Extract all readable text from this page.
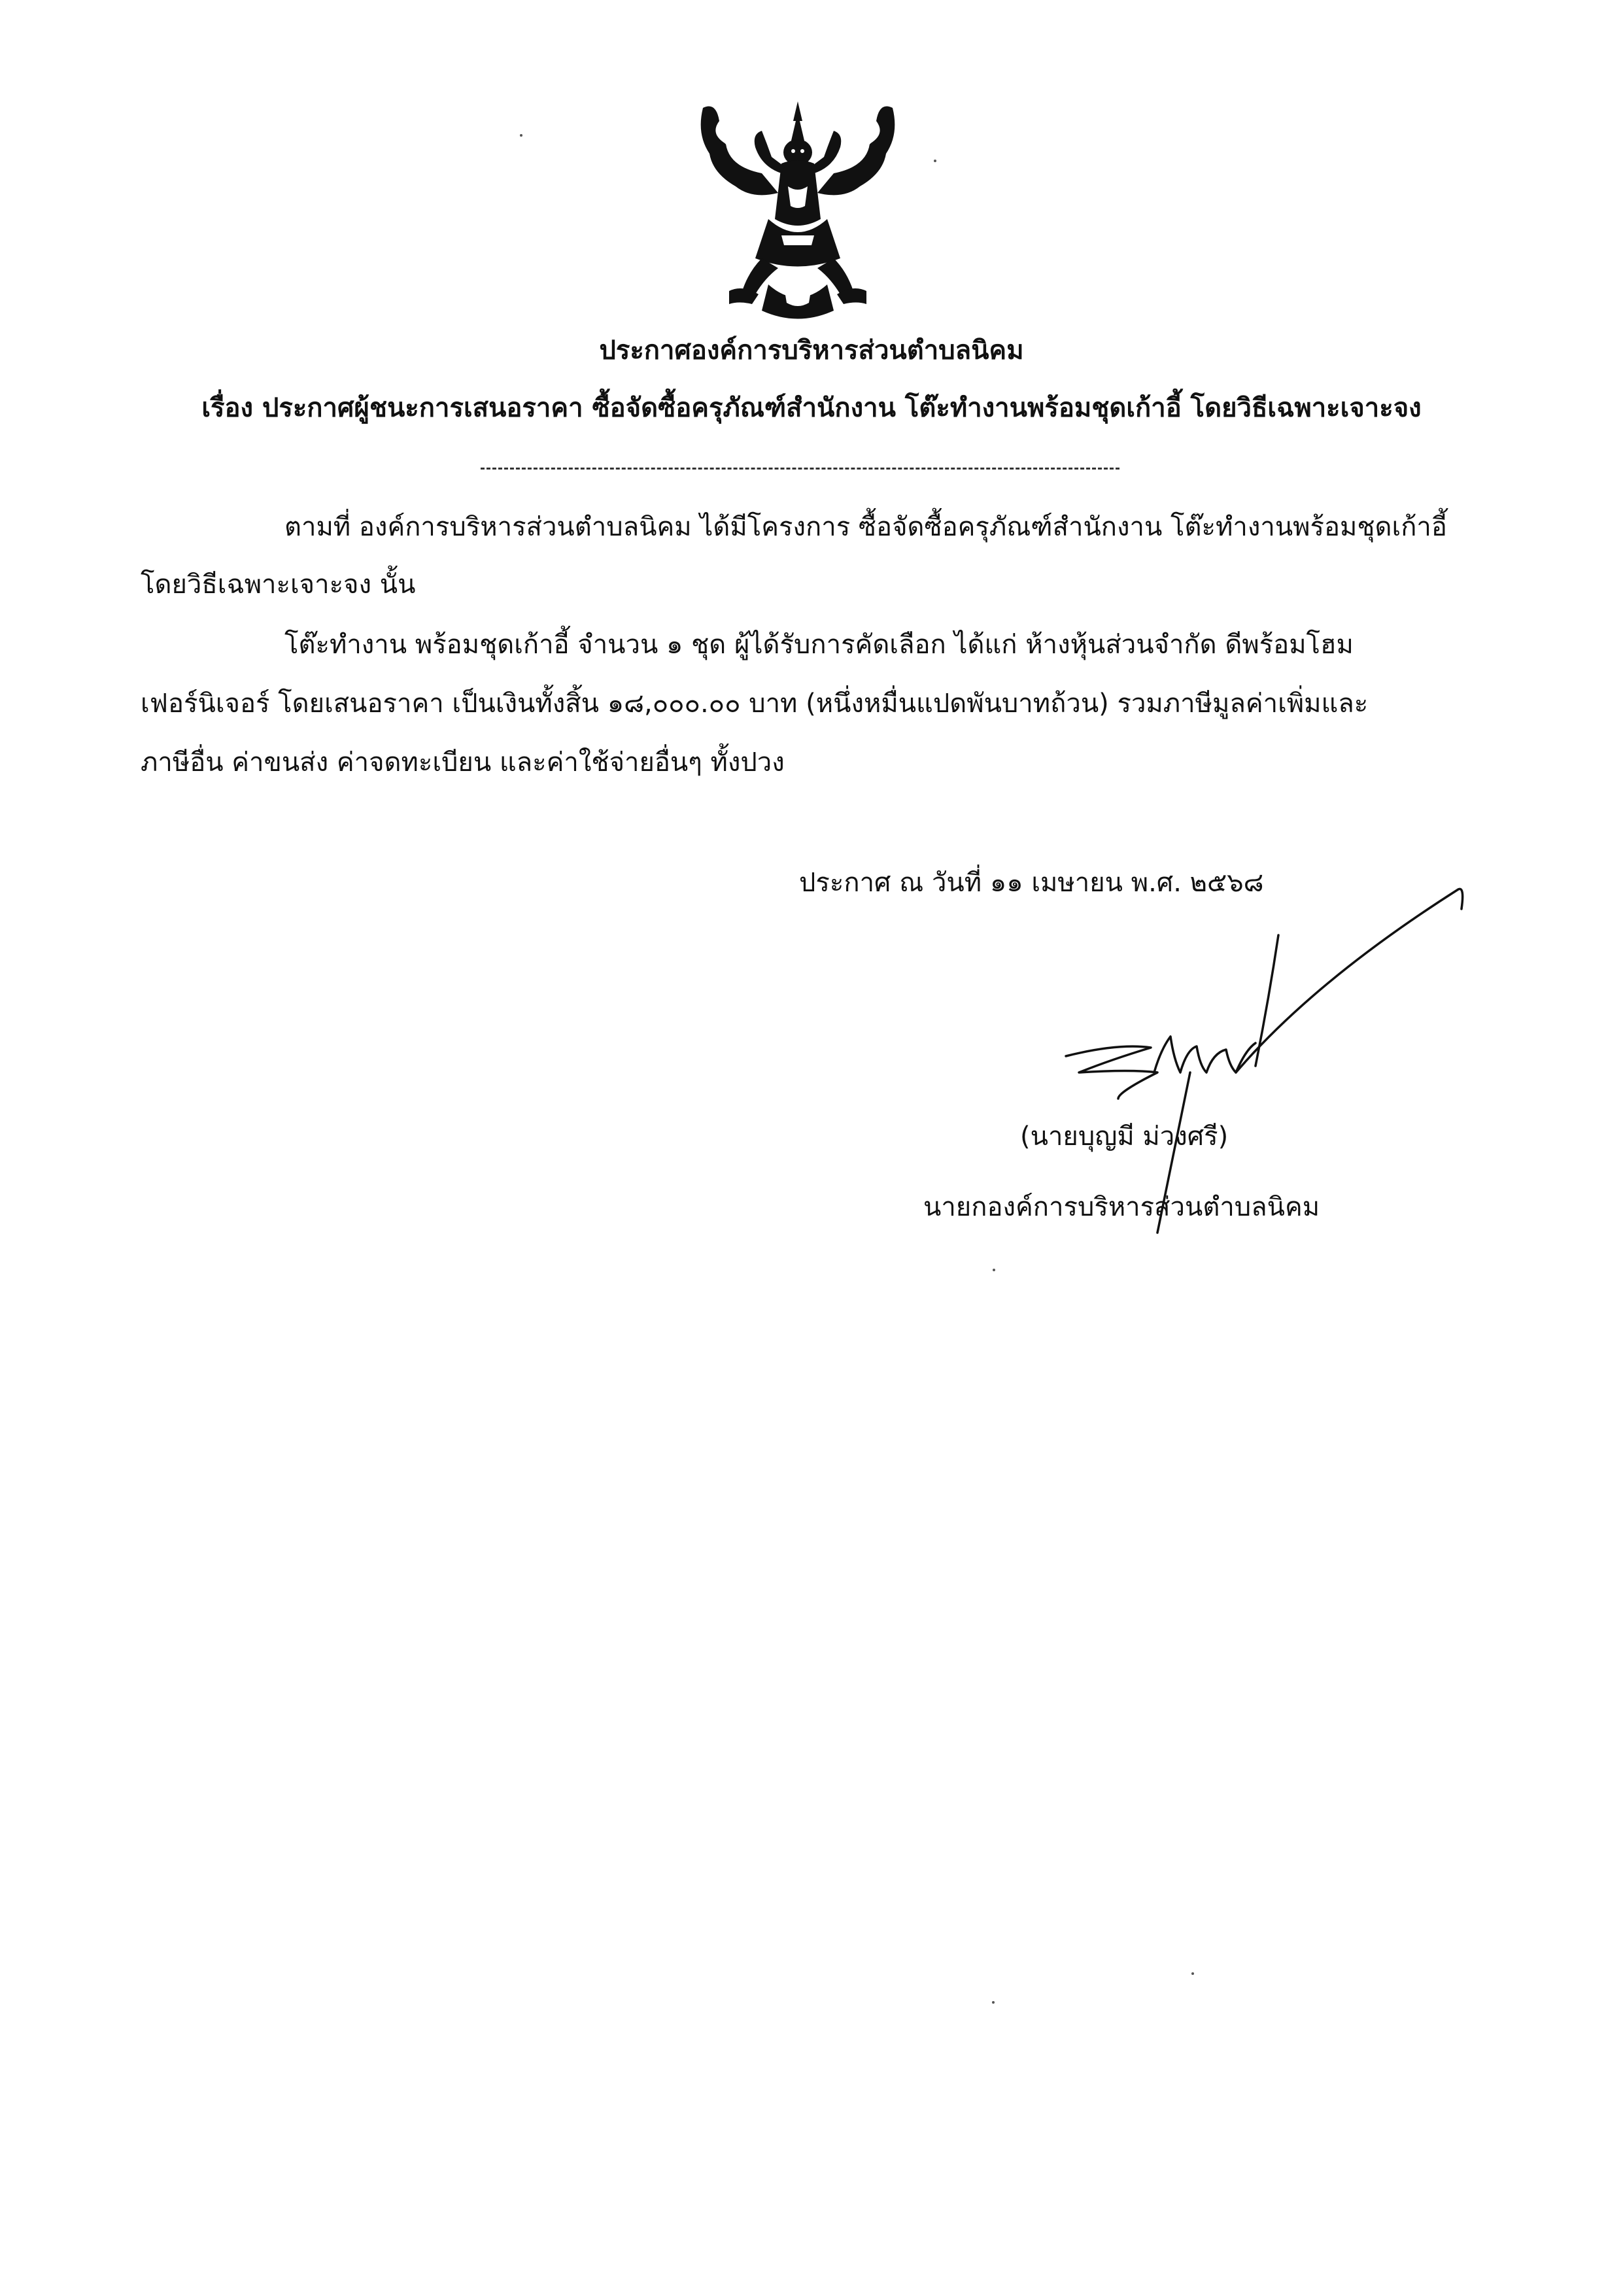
ประกาศองค์การบริหารส่วนตำบลนิคม
เรื่อง ประกาศผู้ชนะการเสนอราคา ซื้อจัดซื้อครุภัณฑ์สำนักงาน โต๊ะทำงานพร้อมชุดเก้าอี้ โดยวิธีเฉพาะเจาะจง
ตามที่ องค์การบริหารส่วนตำบลนิคม ได้มีโครงการ ซื้อจัดซื้อครุภัณฑ์สำนักงาน โต๊ะทำงานพร้อมชุดเก้าอี้
โดยวิธีเฉพาะเจาะจง นั้น
โต๊ะทำงาน พร้อมชุดเก้าอี้ จำนวน ๑ ชุด ผู้ได้รับการคัดเลือก ได้แก่ ห้างหุ้นส่วนจำกัด ดีพร้อมโฮม
เฟอร์นิเจอร์ โดยเสนอราคา เป็นเงินทั้งสิ้น ๑๘,๐๐๐.๐๐ บาท (หนึ่งหมื่นแปดพันบาทถ้วน) รวมภาษีมูลค่าเพิ่มและ
ภาษีอื่น ค่าขนส่ง ค่าจดทะเบียน และค่าใช้จ่ายอื่นๆ ทั้งปวง
ประกาศ ณ วันที่ ๑๑ เมษายน พ.ศ. ๒๕๖๘
(นายบุญมี ม่วงศรี)
นายกองค์การบริหารส่วนตำบลนิคม
